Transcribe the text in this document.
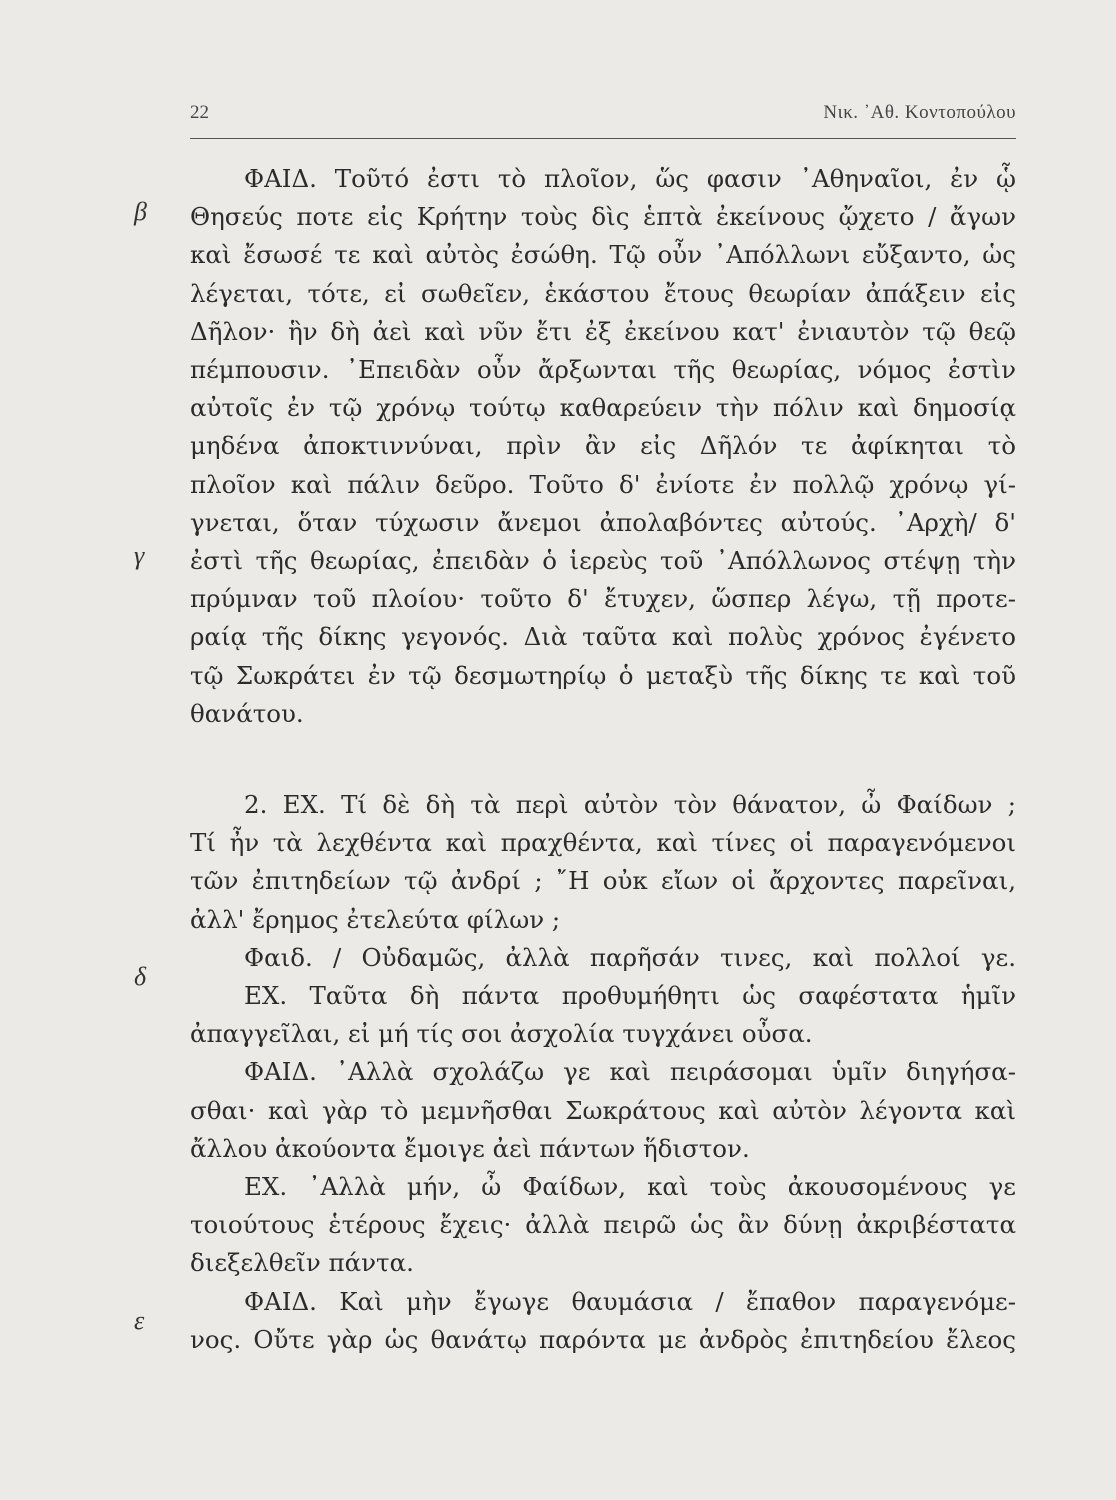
22	Νικ. ᾿Αθ. Κοντοπούλου
β
γ
δ
ε
ΦΑΙΔ. Τοῦτό ἐστι τὸ πλοῖον, ὥς φασιν ᾿Αθηναῖοι, ἐν ᾧ
Θησεύς ποτε εἰς Κρήτην τοὺς δὶς ἑπτὰ ἐκείνους ᾤχετο / ἄγων
καὶ ἔσωσέ τε καὶ αὐτὸς ἐσώθη. Τῷ οὖν ᾿Απόλλωνι εὔξαντο, ὡς
λέγεται, τότε, εἰ σωθεῖεν, ἑκάστου ἔτους θεωρίαν ἀπάξειν εἰς
Δῆλον· ἣν δὴ ἀεὶ καὶ νῦν ἔτι ἐξ ἐκείνου κατ' ἐνιαυτὸν τῷ θεῷ
πέμπουσιν. ᾿Επειδὰν οὖν ἄρξωνται τῆς θεωρίας, νόμος ἐστὶν
αὐτοῖς ἐν τῷ χρόνῳ τούτῳ καθαρεύειν τὴν πόλιν καὶ δημοσίᾳ
μηδένα ἀποκτιννύναι, πρὶν ἂν εἰς Δῆλόν τε ἀφίκηται τὸ
πλοῖον καὶ πάλιν δεῦρο. Τοῦτο δ' ἐνίοτε ἐν πολλῷ χρόνῳ γί-
γνεται, ὅταν τύχωσιν ἄνεμοι ἀπολαβόντες αὐτούς. ᾿Αρχὴ/ δ'
ἐστὶ τῆς θεωρίας, ἐπειδὰν ὁ ἱερεὺς τοῦ ᾿Απόλλωνος στέψῃ τὴν
πρύμναν τοῦ πλοίου· τοῦτο δ' ἔτυχεν, ὥσπερ λέγω, τῇ προτε-
ραίᾳ τῆς δίκης γεγονός. Διὰ ταῦτα καὶ πολὺς χρόνος ἐγένετο
τῷ Σωκράτει ἐν τῷ δεσμωτηρίῳ ὁ μεταξὺ τῆς δίκης τε καὶ τοῦ
θανάτου.
2. ΕΧ. Τί δὲ δὴ τὰ περὶ αὐτὸν τὸν θάνατον, ὦ Φαίδων ;
Τί ἦν τὰ λεχθέντα καὶ πραχθέντα, καὶ τίνες οἱ παραγενόμενοι
τῶν ἐπιτηδείων τῷ ἀνδρί ; ῎Η οὐκ εἴων οἱ ἄρχοντες παρεῖναι,
ἀλλ' ἔρημος ἐτελεύτα φίλων ;
Φαιδ. / Οὐδαμῶς, ἀλλὰ παρῆσάν τινες, καὶ πολλοί γε.
ΕΧ. Ταῦτα δὴ πάντα προθυμήθητι ὡς σαφέστατα ἡμῖν
ἀπαγγεῖλαι, εἰ μή τίς σοι ἀσχολία τυγχάνει οὖσα.
ΦΑΙΔ. ᾿Αλλὰ σχολάζω γε καὶ πειράσομαι ὑμῖν διηγήσα-
σθαι· καὶ γὰρ τὸ μεμνῆσθαι Σωκράτους καὶ αὐτὸν λέγοντα καὶ
ἄλλου ἀκούοντα ἔμοιγε ἀεὶ πάντων ἥδιστον.
ΕΧ. ᾿Αλλὰ μήν, ὦ Φαίδων, καὶ τοὺς ἀκουσομένους γε
τοιούτους ἑτέρους ἔχεις· ἀλλὰ πειρῶ ὡς ἂν δύνῃ ἀκριβέστατα
διεξελθεῖν πάντα.
ΦΑΙΔ. Καὶ μὴν ἔγωγε θαυμάσια / ἔπαθον παραγενόμε-
νος. Οὔτε γὰρ ὡς θανάτῳ παρόντα με ἀνδρὸς ἐπιτηδείου ἔλεος
